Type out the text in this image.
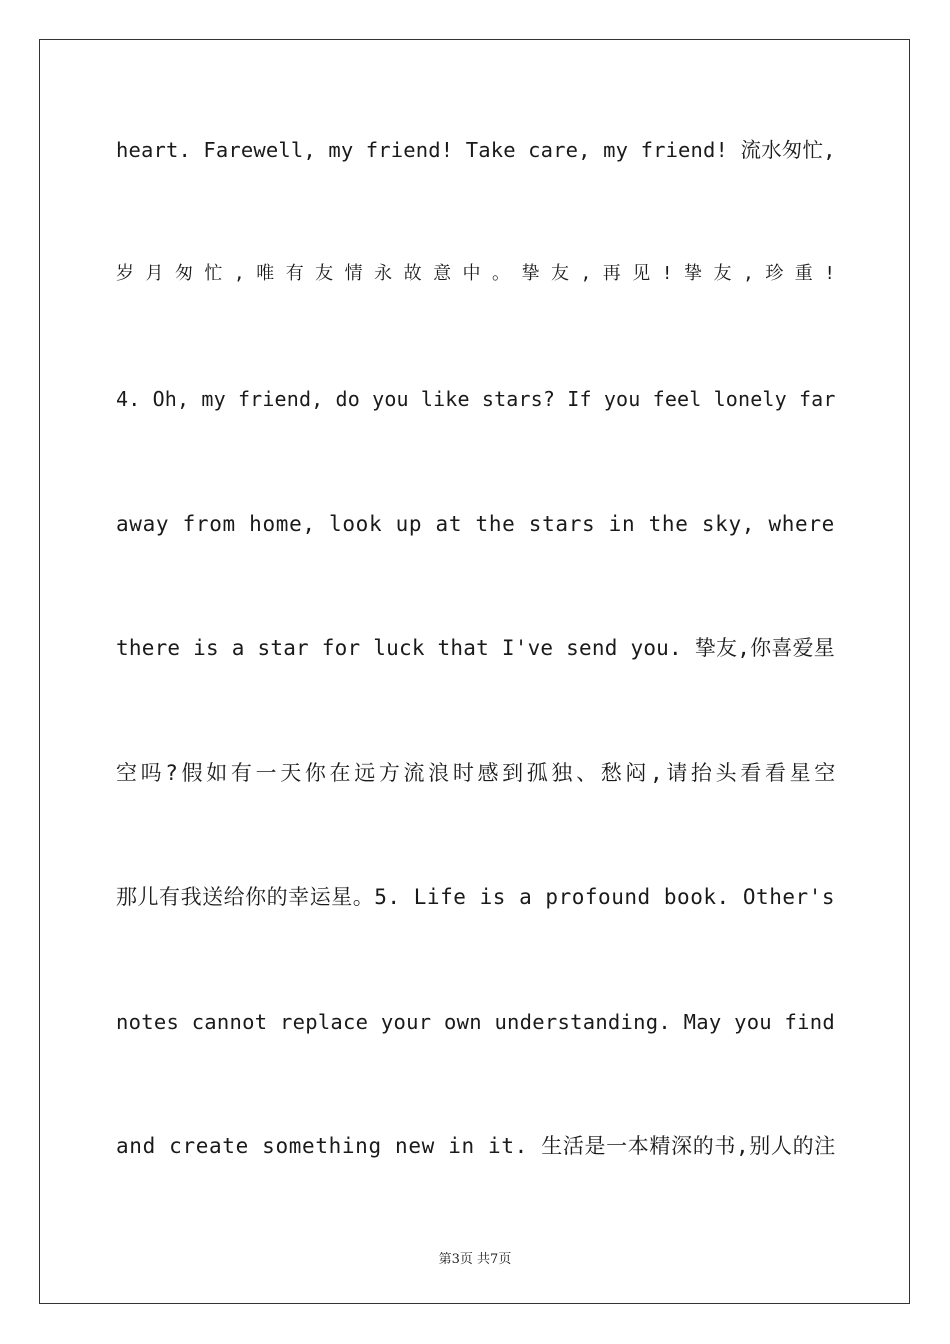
heart. Farewell, my friend! Take care, my friend! 流水匆忙,
岁 月 匆 忙 , 唯 有 友 情 永 故 意 中 。 挚 友 , 再 见 ! 挚 友 , 珍 重 !
4. Oh, my friend, do you like stars? If you feel lonely far
away from home, look up at the stars in the sky, where
there is a star for luck that I've send you. 挚友,你喜爱星
空吗?假如有一天你在远方流浪时感到孤独、愁闷,请抬头看看星空
那儿有我送给你的幸运星。5. Life is a profound book. Other's
notes cannot replace your own understanding. May you find
and create something new in it. 生活是一本精深的书,别人的注
第3页 共7页
